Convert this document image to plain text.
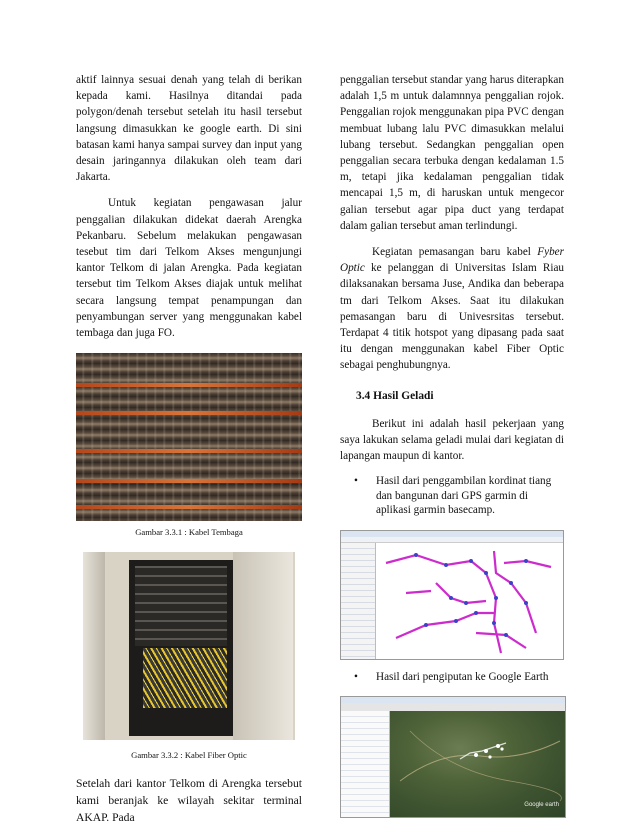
aktif lainnya sesuai denah yang telah di berikan kepada kami. Hasilnya ditandai pada polygon/denah tersebut setelah itu hasil tersebut langsung dimasukkan ke google earth. Di sini batasan kami hanya sampai survey dan input yang desain jaringannya dilakukan oleh team dari Jakarta.

Untuk kegiatan pengawasan jalur penggalian dilakukan didekat daerah Arengka Pekanbaru. Sebelum melakukan pengawasan tesebut tim dari Telkom Akses mengunjungi kantor Telkom di jalan Arengka. Pada kegiatan tersebut tim Telkom Akses diajak untuk melihat secara langsung tempat penampungan dan penyambungan server yang menggunakan kabel tembaga dan juga FO.

Gambar 3.3.1 : Kabel Tembaga
Gambar 3.3.2 : Kabel Fiber Optic

Setelah dari kantor Telkom di Arengka tersebut kami beranjak ke wilayah sekitar terminal AKAP. Pada

penggalian tersebut standar yang harus diterapkan adalah 1,5 m untuk dalamnnya penggalian rojok. Penggalian rojok menggunakan pipa PVC dengan membuat lubang lalu PVC dimasukkan melalui lubang tersebut. Sedangkan penggalian open penggalian secara terbuka dengan kedalaman 1.5 m, tetapi jika kedalaman penggalian tidak mencapai 1,5 m, di haruskan untuk mengecor galian tersebut agar pipa duct yang terdapat dalam galian tersebut aman terlindungi.

Kegiatan pemasangan baru kabel Fyber Optic ke pelanggan di Universitas Islam Riau dilaksanakan bersama Juse, Andika dan beberapa tm dari Telkom Akses. Saat itu dilakukan pemasangan baru di Univesrsitas tersebut. Terdapat 4 titik hotspot yang dipasang pada saat itu dengan menggunakan kabel Fiber Optic sebagai penghubungnya.

3.4 Hasil Geladi

Berikut ini adalah hasil pekerjaan yang saya lakukan selama geladi mulai dari kegiatan di lapangan maupun di kantor.

• Hasil dari penggambilan kordinat tiang dan bangunan dari GPS garmin di aplikasi garmin basecamp.
• Hasil dari pengiputan ke Google Earth
Google earth
